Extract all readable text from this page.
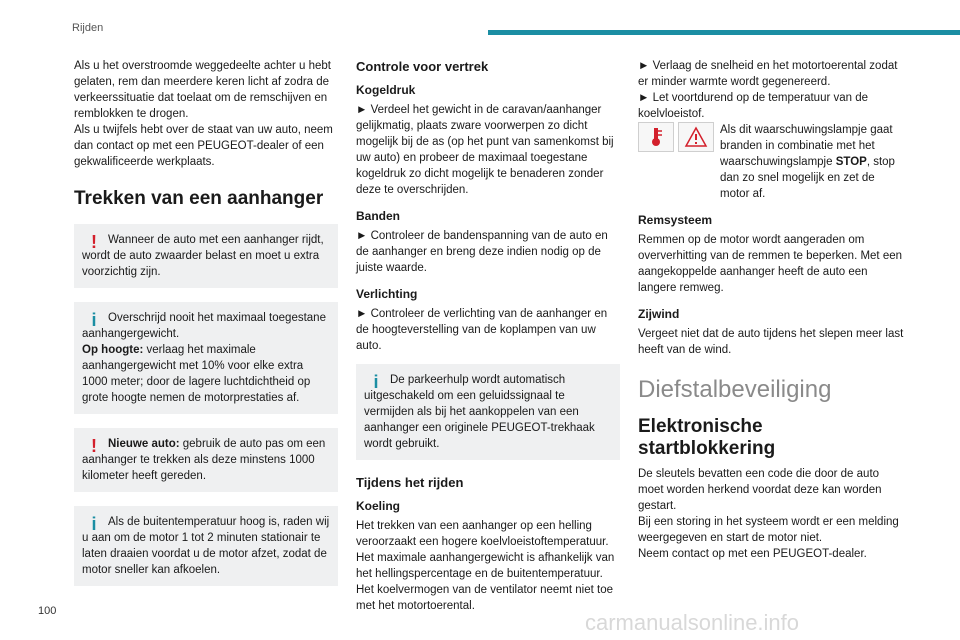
Rijden

Als u het overstroomde weggedeelte achter u hebt gelaten, rem dan meerdere keren licht af zodra de verkeerssituatie dat toelaat om de remschijven en remblokken te drogen.

Als u twijfels hebt over de staat van uw auto, neem dan contact op met een PEUGEOT-dealer of een gekwalificeerde werkplaats.

Trekken van een aanhanger
! Wanneer de auto met een aanhanger rijdt, wordt de auto zwaarder belast en moet u extra voorzichtig zijn.
i	Overschrijd nooit het maximaal toegestane aanhangergewicht.
Op hoogte: verlaag het maximale aanhangergewicht met 10% voor elke extra 1000 meter; door de lagere luchtdichtheid op grote hoogte nemen de motorprestaties af.
! Nieuwe auto: gebruik de auto pas om een aanhanger te trekken als deze minstens 1000 kilometer heeft gereden.
i	Als de buitentemperatuur hoog is, raden wij u aan om de motor 1 tot 2 minuten stationair te laten draaien voordat u de motor afzet, zodat de motor sneller kan afkoelen.
Controle voor vertrek
Kogeldruk

► Verdeel het gewicht in de caravan/aanhanger gelijkmatig, plaats zware voorwerpen zo dicht mogelijk bij de as (op het punt van samenkomst bij uw auto) en probeer de maximaal toegestane kogeldruk zo dicht mogelijk te benaderen zonder deze te overschrijden.

Banden

► Controleer de bandenspanning van de auto en de aanhanger en breng deze indien nodig op de juiste waarde.

Verlichting

► Controleer de verlichting van de aanhanger en de hoogteverstelling van de koplampen van uw auto.

i	De parkeerhulp wordt automatisch uitgeschakeld om een geluidssignaal te vermijden als bij het aankoppelen van een aanhanger een originele PEUGEOT-trekhaak wordt gebruikt.
Tijdens het rijden
Koeling

Het trekken van een aanhanger op een helling veroorzaakt een hogere koelvloeistoftemperatuur. Het maximale aanhangergewicht is afhankelijk van het hellingspercentage en de buitentemperatuur. Het koelvermogen van de ventilator neemt niet toe met het motortoerental.

► Verlaag de snelheid en het motortoerental zodat er minder warmte wordt gegenereerd.

► Let voortdurend op de temperatuur van de koelvloeistof.

Als dit waarschuwingslampje gaat branden in combinatie met het waarschuwingslampje STOP, stop dan zo snel mogelijk en zet de motor af.

Remsysteem

Remmen op de motor wordt aangeraden om oververhitting van de remmen te beperken. Met een aangekoppelde aanhanger heeft de auto een langere remweg.

Zijwind

Vergeet niet dat de auto tijdens het slepen meer last heeft van de wind.

Diefstalbeveiliging
Elektronische startblokkering

De sleutels bevatten een code die door de auto moet worden herkend voordat deze kan worden gestart.

Bij een storing in het systeem wordt er een melding weergegeven en start de motor niet.

Neem contact op met een PEUGEOT-dealer.

100	carmanualsonline.info
